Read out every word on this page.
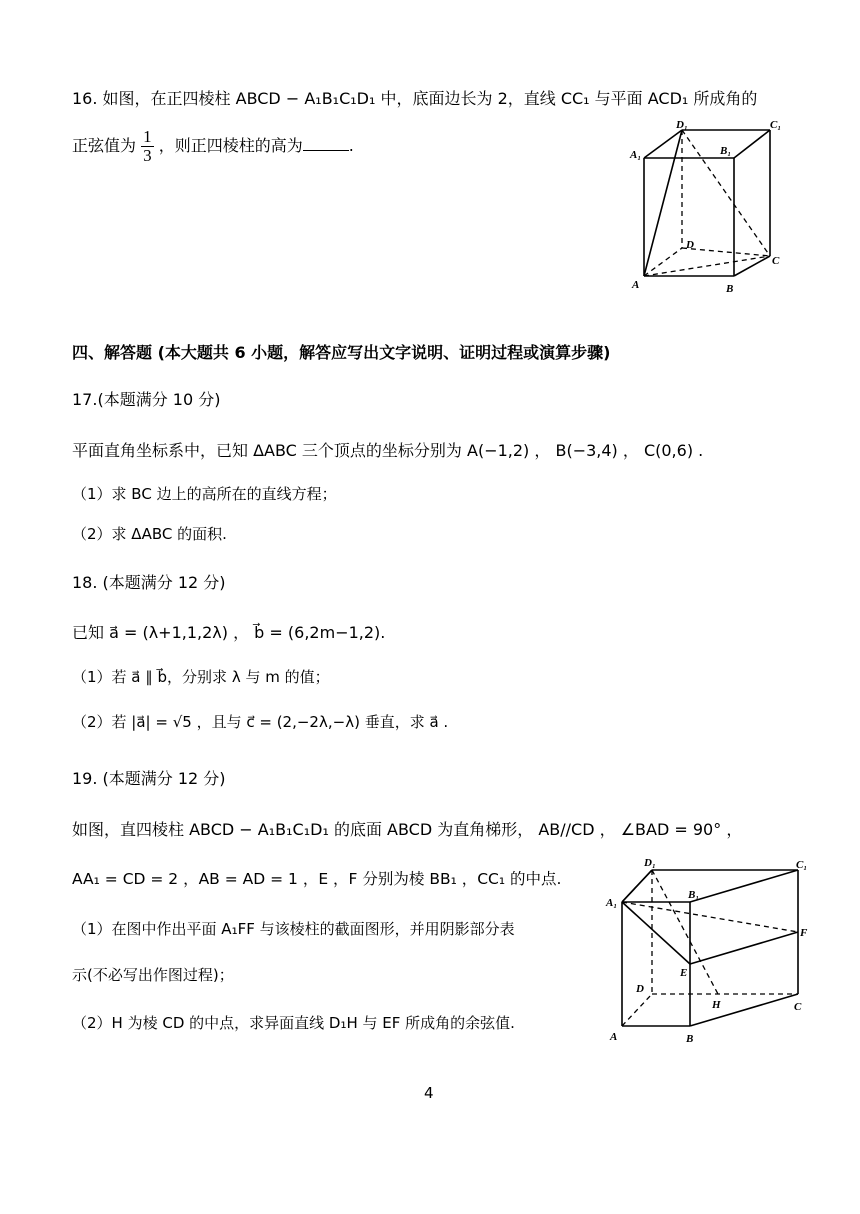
16. 如图，在正四棱柱 ABCD − A₁B₁C₁D₁ 中，底面边长为 2，直线 CC₁ 与平面 ACD₁ 所成角的
正弦值为 $\frac{1}{3}$ ，则正四棱柱的高为	.
D₁	C₁
A₁	B₁
D
C
A	B
四、解答题 (本大题共 6 小题，解答应写出文字说明、证明过程或演算步骤)
17.(本题满分 10 分)
平面直角坐标系中，已知 ΔABC 三个顶点的坐标分别为 A(−1,2) ， B(−3,4) ， C(0,6) .
（1）求 BC 边上的高所在的直线方程；
（2）求 ΔABC 的面积.
18. (本题满分 12 分)
已知 a⃗ = (λ+1,1,2λ) ， b⃗ = (6,2m−1,2).
（1）若 a⃗ ∥ b⃗，分别求 λ 与 m 的值；
（2）若 |a⃗| = √5 ，且与 c⃗ = (2,−2λ,−λ) 垂直，求 a⃗ .
19. (本题满分 12 分)
如图，直四棱柱 ABCD − A₁B₁C₁D₁ 的底面 ABCD 为直角梯形， AB//CD ， ∠BAD = 90° ，
AA₁ = CD = 2 ，AB = AD = 1 ，E ，F 分别为棱 BB₁ ，CC₁ 的中点.
（1）在图中作出平面 A₁FF 与该棱柱的截面图形，并用阴影部分表
示(不必写出作图过程)；
（2）H 为棱 CD 的中点，求异面直线 D₁H 与 EF 所成角的余弦值.
D₁	C₁
A₁
B₁
F
E
D
H	C
A	B
4
